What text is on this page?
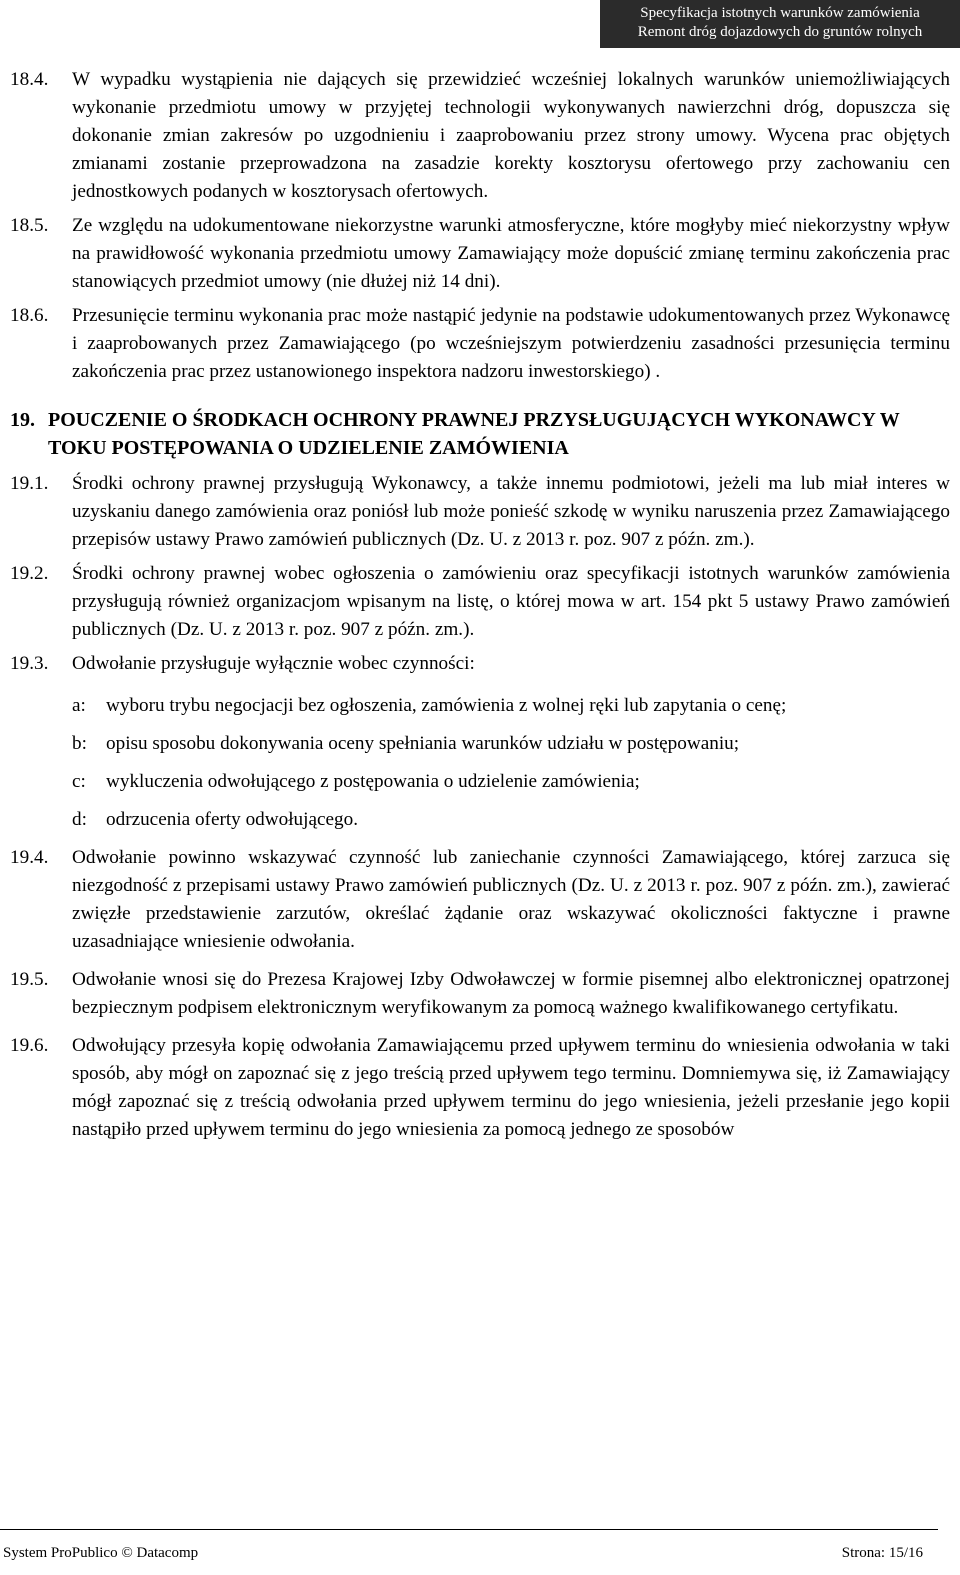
Specyfikacja istotnych warunków zamówienia
Remont dróg dojazdowych do gruntów rolnych
18.4.	W wypadku wystąpienia nie dających się przewidzieć wcześniej lokalnych warunków uniemożliwiających wykonanie przedmiotu umowy w przyjętej technologii wykonywanych nawierzchni dróg, dopuszcza się dokonanie zmian zakresów po uzgodnieniu i zaaprobowaniu przez strony umowy. Wycena prac objętych zmianami zostanie przeprowadzona na zasadzie korekty kosztorysu ofertowego przy zachowaniu cen jednostkowych podanych w kosztorysach ofertowych.
18.5.	Ze względu na udokumentowane niekorzystne warunki atmosferyczne, które mogłyby mieć niekorzystny wpływ na prawidłowość wykonania przedmiotu umowy Zamawiający może dopuścić zmianę terminu zakończenia prac stanowiących przedmiot umowy (nie dłużej niż 14 dni).
18.6.	Przesunięcie terminu wykonania prac może nastąpić jedynie na podstawie udokumentowanych przez Wykonawcę i zaaprobowanych przez Zamawiającego (po wcześniejszym potwierdzeniu zasadności przesunięcia terminu zakończenia prac przez ustanowionego inspektora nadzoru inwestorskiego) .
19. POUCZENIE O ŚRODKACH OCHRONY PRAWNEJ PRZYSŁUGUJĄCYCH WYKONAWCY W TOKU POSTĘPOWANIA O UDZIELENIE ZAMÓWIENIA
19.1.	Środki ochrony prawnej przysługują Wykonawcy, a także innemu podmiotowi, jeżeli ma lub miał interes w uzyskaniu danego zamówienia oraz poniósł lub może ponieść szkodę w wyniku naruszenia przez Zamawiającego przepisów ustawy Prawo zamówień publicznych (Dz. U. z 2013 r. poz. 907 z późn. zm.).
19.2.	Środki ochrony prawnej wobec ogłoszenia o zamówieniu oraz specyfikacji istotnych warunków zamówienia przysługują również organizacjom wpisanym na listę, o której mowa w art. 154 pkt 5 ustawy Prawo zamówień publicznych (Dz. U. z 2013 r. poz. 907 z późn. zm.).
19.3.	Odwołanie przysługuje wyłącznie wobec czynności:
a:	wyboru trybu negocjacji bez ogłoszenia, zamówienia z wolnej ręki lub zapytania o cenę;
b: opisu sposobu dokonywania oceny spełniania warunków udziału w postępowaniu;
c:	wykluczenia odwołującego z postępowania o udzielenie zamówienia;
d: odrzucenia oferty odwołującego.
19.4.	Odwołanie powinno wskazywać czynność lub zaniechanie czynności Zamawiającego, której zarzuca się niezgodność z przepisami ustawy Prawo zamówień publicznych (Dz. U. z 2013 r. poz. 907 z późn. zm.), zawierać zwięzłe przedstawienie zarzutów, określać żądanie oraz wskazywać okoliczności faktyczne i prawne uzasadniające wniesienie odwołania.
19.5.	Odwołanie wnosi się do Prezesa Krajowej Izby Odwoławczej w formie pisemnej albo elektronicznej opatrzonej bezpiecznym podpisem elektronicznym weryfikowanym za pomocą ważnego kwalifikowanego certyfikatu.
19.6.	Odwołujący przesyła kopię odwołania Zamawiającemu przed upływem terminu do wniesienia odwołania w taki sposób, aby mógł on zapoznać się z jego treścią przed upływem tego terminu. Domniemywa się, iż Zamawiający mógł zapoznać się z treścią odwołania przed upływem terminu do jego wniesienia, jeżeli przesłanie jego kopii nastąpiło przed upływem terminu do jego wniesienia za pomocą jednego ze sposobów
System ProPublico © Datacomp	Strona: 15/16
